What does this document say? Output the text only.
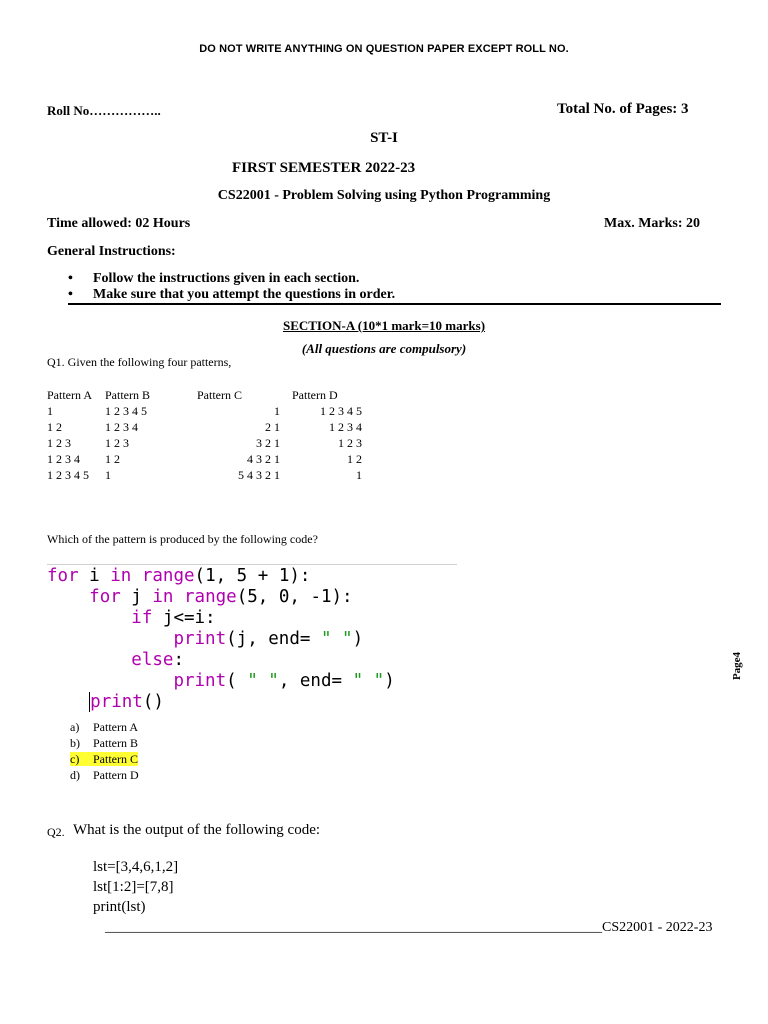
DO NOT WRITE ANYTHING ON QUESTION PAPER EXCEPT ROLL NO.
Roll No……………..	Total No. of Pages: 3
ST-I
FIRST SEMESTER 2022-23
CS22001 - Problem Solving using Python Programming
Time allowed: 02 Hours	Max. Marks: 20
General Instructions:
• Follow the instructions given in each section.
• Make sure that you attempt the questions in order.
SECTION-A (10*1 mark=10 marks)
(All questions are compulsory)
Q1. Given the following four patterns,
Pattern A	Pattern B	Pattern C	Pattern D
1	1 2 3 4 5	1	1 2 3 4 5
1 2	1 2 3 4	2 1	1 2 3 4
1 2 3	1 2 3	3 2 1	1 2 3
1 2 3 4	1 2	4 3 2 1	1 2
1 2 3 4 5	1	5 4 3 2 1	1
Which of the pattern is produced by the following code?
for i in range(1, 5 + 1):
for j in range(5, 0, -1):
if j<=i:
print(j, end= " ")
else:
print( " ", end= " ")
print()
a) Pattern A
b) Pattern B
c) Pattern C
d) Pattern D
Page4
Q2. What is the output of the following code:
lst=[3,4,6,1,2]
lst[1:2]=[7,8]
print(lst)
_______________________________________________________________________CS22001 - 2022-23
